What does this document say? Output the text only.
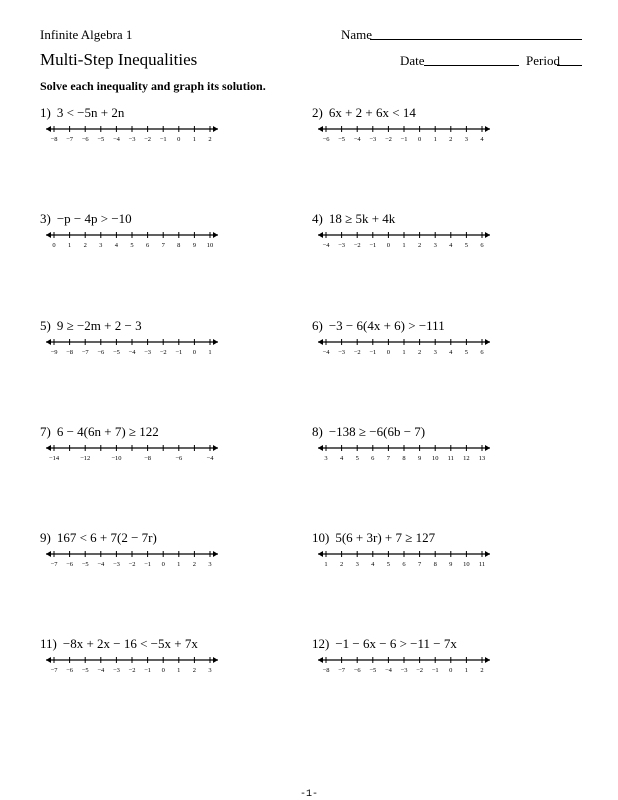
Infinite Algebra 1	Name
Multi-Step Inequalities	Date	Period
Solve each inequality and graph its solution.
1) 3 < −5n + 2n
−8 −7 −6 −5 −4 −3 −2 −1 0 1 2
2) 6x + 2 + 6x < 14
−6 −5 −4 −3 −2 −1 0 1 2 3 4
3) −p − 4p > −10
0 1 2 3 4 5 6 7 8 9 10
4) 18 ≥ 5k + 4k
−4 −3 −2 −1 0 1 2 3 4 5 6
5) 9 ≥ −2m + 2 − 3
−9 −8 −7 −6 −5 −4 −3 −2 −1 0 1
6) −3 − 6(4x + 6) > −111
−4 −3 −2 −1 0 1 2 3 4 5 6
7) 6 − 4(6n + 7) ≥ 122
−14	−12	−10	−8	−6	−4
8) −138 ≥ −6(6b − 7)
3 4 5 6 7 8 9 10 11 12 13
9) 167 < 6 + 7(2 − 7r)
−7 −6 −5 −4 −3 −2 −1 0 1 2 3
10) 5(6 + 3r) + 7 ≥ 127
1 2 3 4 5 6 7 8 9 10 11
11) −8x + 2x − 16 < −5x + 7x
−7 −6 −5 −4 −3 −2 −1 0 1 2 3
12) −1 − 6x − 6 > −11 − 7x
−8 −7 −6 −5 −4 −3 −2 −1 0 1 2
-1-
